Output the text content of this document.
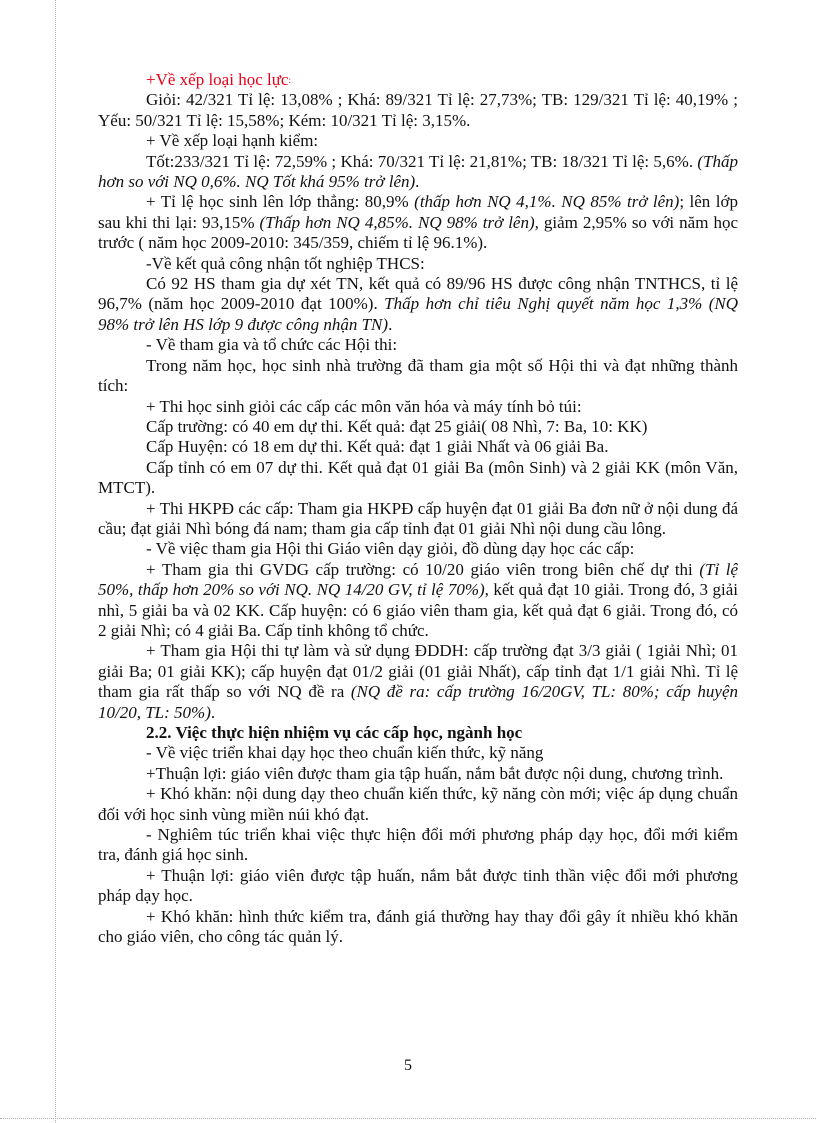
+Về xếp loại học lực:

Giỏi: 42/321 Tỉ lệ: 13,08% ; Khá: 89/321 Tỉ lệ: 27,73%; TB: 129/321 Tỉ lệ: 40,19% ; Yếu: 50/321 Tỉ lệ: 15,58%; Kém: 10/321 Tỉ lệ: 3,15%.

+ Về xếp loại hạnh kiểm:

Tốt:233/321 Tỉ lệ: 72,59% ; Khá: 70/321 Tỉ lệ: 21,81%; TB: 18/321 Tỉ lệ: 5,6%. (Thấp hơn so với NQ 0,6%. NQ Tốt khá 95% trở lên).

+ Tỉ lệ học sinh lên lớp thẳng: 80,9% (thấp hơn NQ 4,1%. NQ 85% trở lên); lên lớp sau khi thi lại: 93,15% (Thấp hơn NQ 4,85%. NQ 98% trở lên), giảm 2,95% so với năm học trước ( năm học 2009-2010: 345/359, chiếm tỉ lệ 96.1%).

-Về kết quả công nhận tốt nghiệp THCS:

Có 92 HS tham gia dự xét TN, kết quả có 89/96 HS được công nhận TNTHCS, tỉ lệ 96,7% (năm học 2009-2010 đạt 100%). Thấp hơn chỉ tiêu Nghị quyết năm học 1,3% (NQ 98% trở lên HS lớp 9 được công nhận TN).

- Về tham gia và tổ chức các Hội thi:

Trong năm học, học sinh nhà trường đã tham gia một số Hội thi và đạt những thành tích:

+ Thi học sinh giỏi các cấp các môn văn hóa và máy tính bỏ túi:

Cấp trường: có 40 em dự thi. Kết quả: đạt 25 giải( 08 Nhì, 7: Ba, 10: KK)

Cấp Huyện: có 18 em dự thi. Kết quả: đạt 1 giải Nhất và 06 giải Ba.

Cấp tỉnh có em 07 dự thi. Kết quả đạt 01 giải Ba (môn Sinh) và 2 giải KK (môn Văn, MTCT).

+ Thi HKPĐ các cấp: Tham gia HKPĐ cấp huyện đạt 01 giải Ba đơn nữ ở nội dung đá cầu; đạt giải Nhì bóng đá nam; tham gia cấp tỉnh đạt 01 giải Nhì nội dung cầu lông.

- Về việc tham gia Hội thi Giáo viên dạy giỏi, đồ dùng dạy học các cấp:

+ Tham gia thi GVDG cấp trường: có 10/20 giáo viên trong biên chế dự thi (Tỉ lệ 50%, thấp hơn 20% so với NQ. NQ 14/20 GV, tỉ lệ 70%), kết quả đạt 10 giải. Trong đó, 3 giải nhì, 5 giải ba và 02 KK. Cấp huyện: có 6 giáo viên tham gia, kết quả đạt 6 giải. Trong đó, có 2 giải Nhì; có 4 giải Ba. Cấp tỉnh không tổ chức.

+ Tham gia Hội thi tự làm và sử dụng ĐDDH: cấp trường đạt 3/3 giải ( 1giải Nhì; 01 giải Ba; 01 giải KK); cấp huyện đạt 01/2 giải (01 giải Nhất), cấp tỉnh đạt 1/1 giải Nhì. Tỉ lệ tham gia rất thấp so với NQ đề ra (NQ đề ra: cấp trường 16/20GV, TL: 80%; cấp huyện 10/20, TL: 50%).

2.2. Việc thực hiện nhiệm vụ các cấp học, ngành học

- Về việc triển khai dạy học theo chuẩn kiến thức, kỹ năng

+Thuận lợi: giáo viên được tham gia tập huấn, nắm bắt được nội dung, chương trình.

+ Khó khăn: nội dung dạy theo chuẩn kiến thức, kỹ năng còn mới; việc áp dụng chuẩn đối với học sinh vùng miền núi khó đạt.

- Nghiêm túc triển khai việc thực hiện đổi mới phương pháp dạy học, đổi mới kiểm tra, đánh giá học sinh.

+ Thuận lợi: giáo viên được tập huấn, nắm bắt được tinh thần việc đổi mới phương pháp dạy học.

+ Khó khăn: hình thức kiểm tra, đánh giá thường hay thay đổi gây ít nhiều khó khăn cho giáo viên, cho công tác quản lý.

5
